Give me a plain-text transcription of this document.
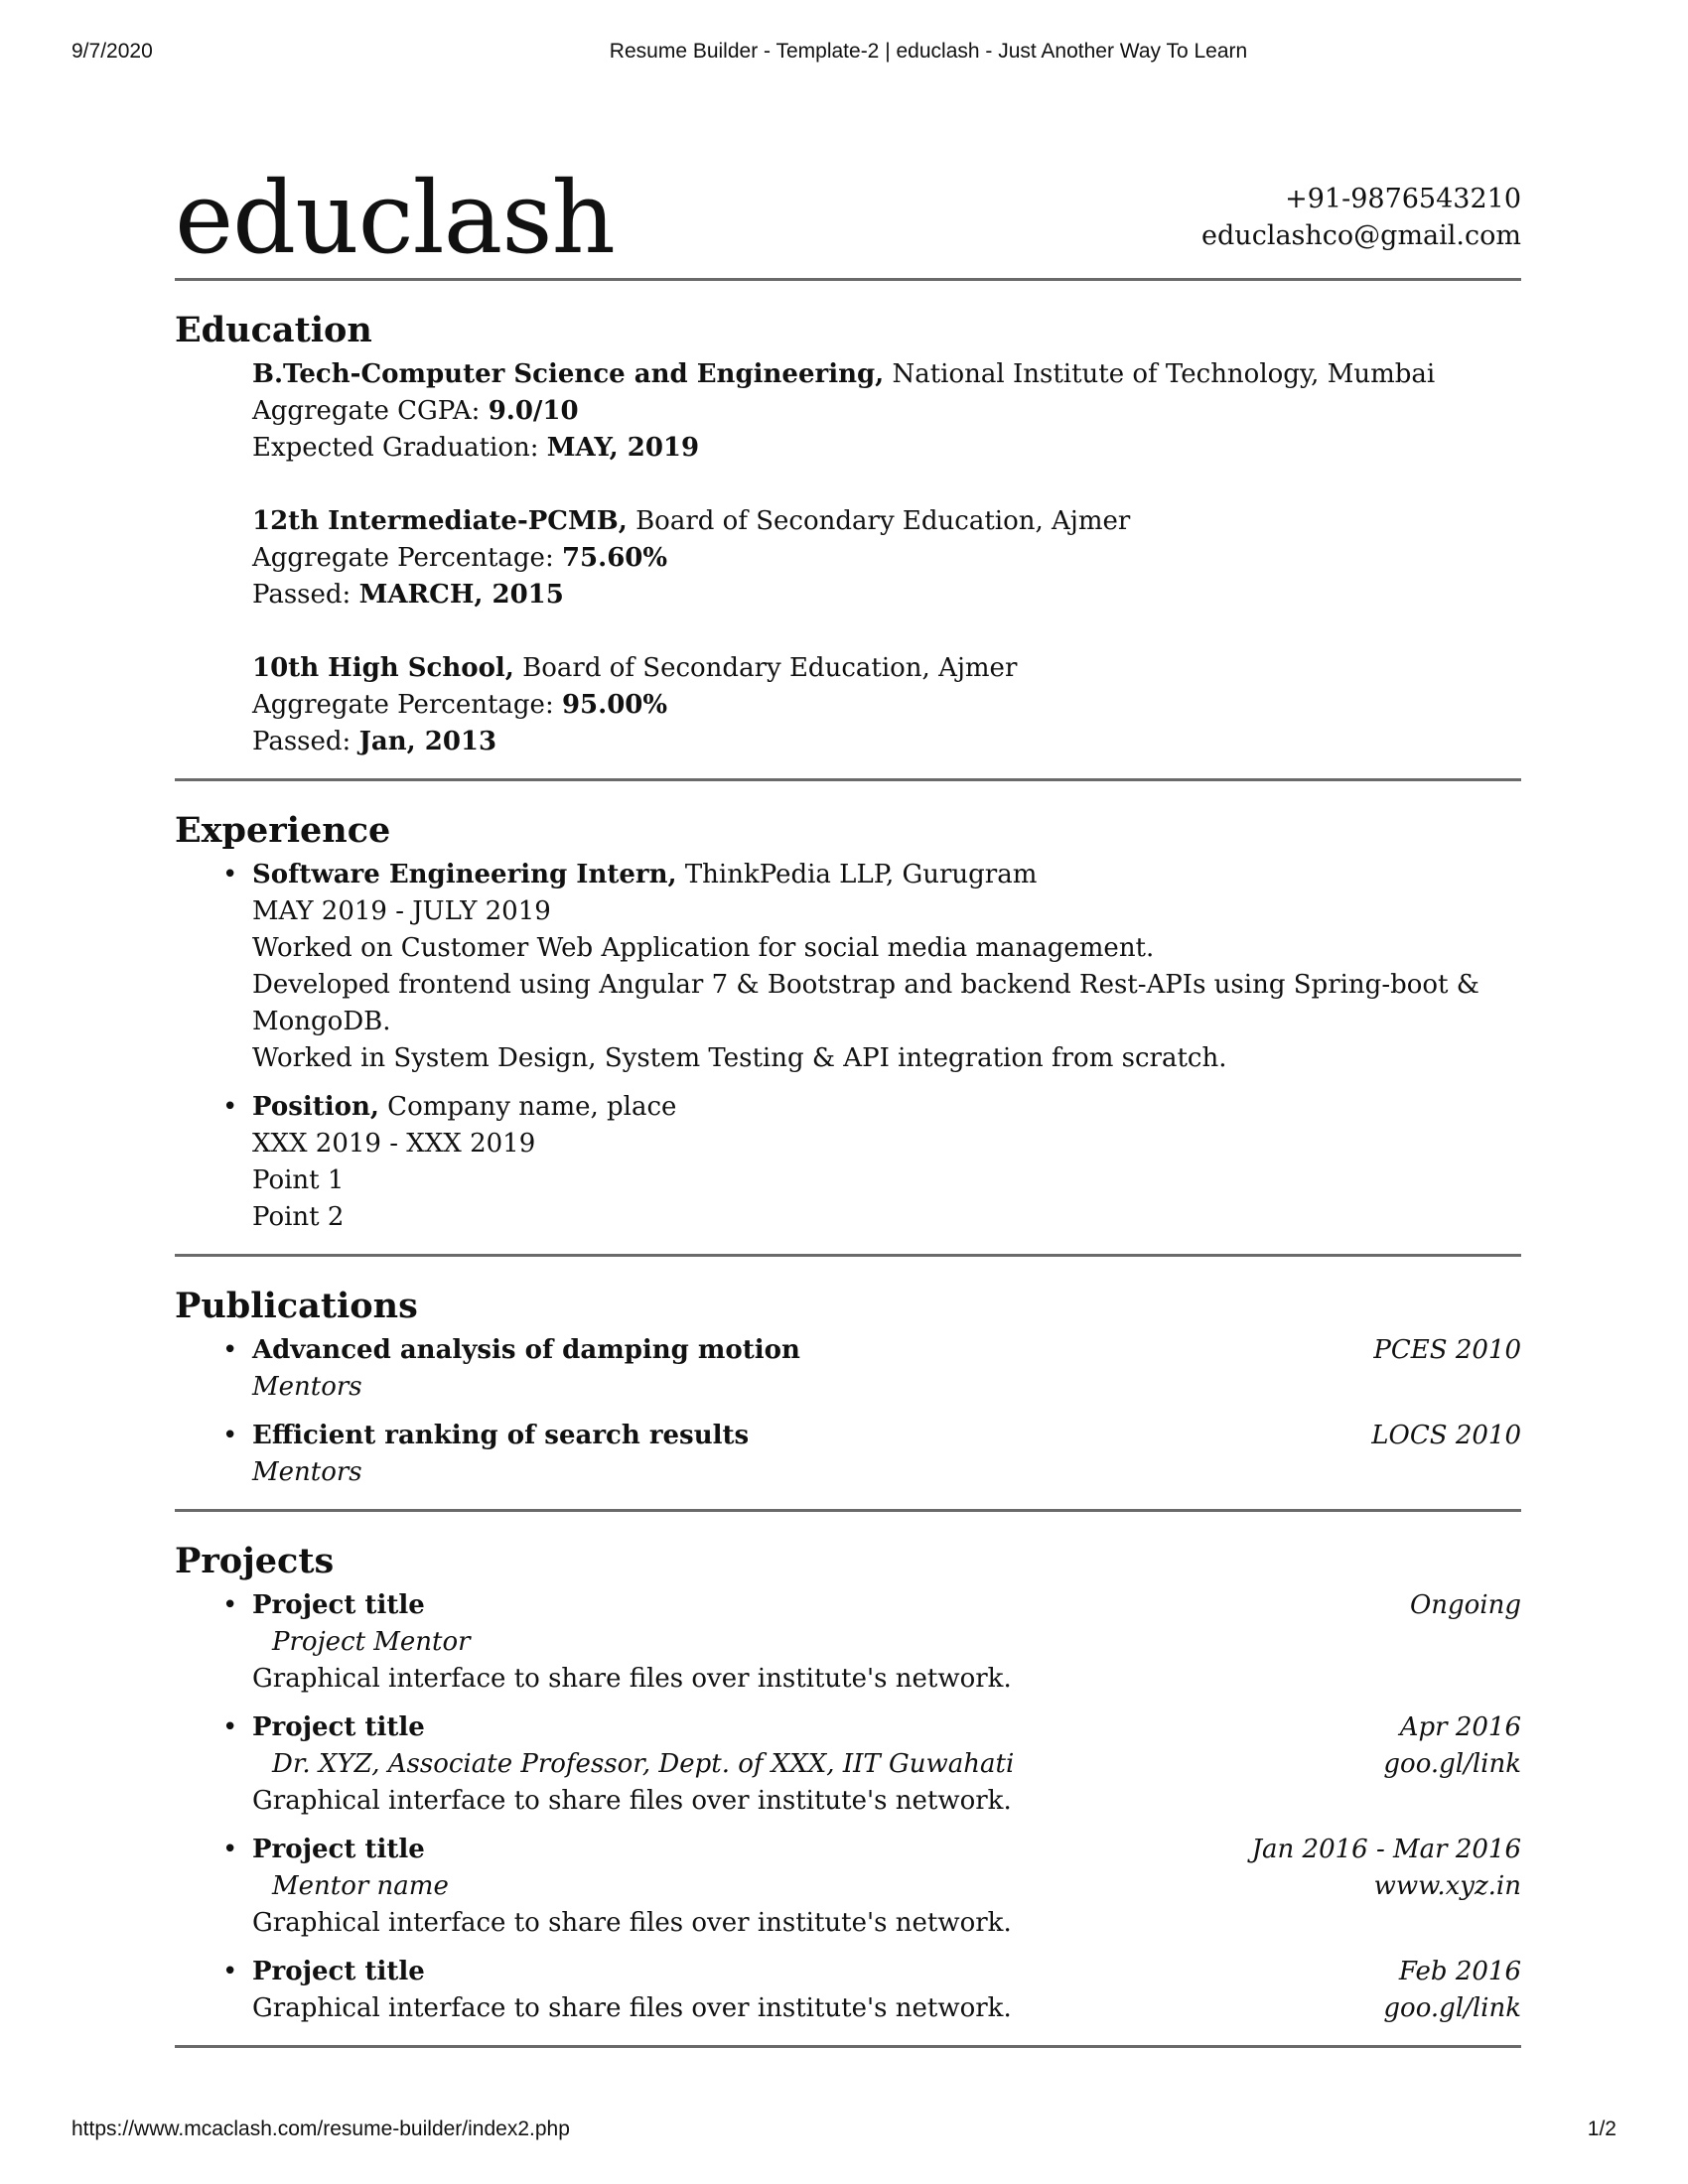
9/7/2020	Resume Builder - Template-2 | educlash - Just Another Way To Learn
educlash	+91-9876543210
educlashco@gmail.com
Education
B.Tech-Computer Science and Engineering, National Institute of Technology, Mumbai
Aggregate CGPA: 9.0/10
Expected Graduation: MAY, 2019
12th Intermediate-PCMB, Board of Secondary Education, Ajmer
Aggregate Percentage: 75.60%
Passed: MARCH, 2015
10th High School, Board of Secondary Education, Ajmer
Aggregate Percentage: 95.00%
Passed: Jan, 2013
Experience
• Software Engineering Intern, ThinkPedia LLP, Gurugram
MAY 2019 - JULY 2019
Worked on Customer Web Application for social media management.
Developed frontend using Angular 7 & Bootstrap and backend Rest-APIs using Spring-boot & MongoDB.
Worked in System Design, System Testing & API integration from scratch.
• Position, Company name, place
XXX 2019 - XXX 2019
Point 1
Point 2
Publications
• Advanced analysis of damping motion	PCES 2010
Mentors
• Efficient ranking of search results	LOCS 2010
Mentors
Projects
• Project title	Ongoing
Project Mentor
Graphical interface to share files over institute's network.
• Project title	Apr 2016
Dr. XYZ, Associate Professor, Dept. of XXX, IIT Guwahati	goo.gl/link
Graphical interface to share files over institute's network.
• Project title	Jan 2016 - Mar 2016
Mentor name	www.xyz.in
Graphical interface to share files over institute's network.
• Project title	Feb 2016
Graphical interface to share files over institute's network.	goo.gl/link
https://www.mcaclash.com/resume-builder/index2.php	1/2
